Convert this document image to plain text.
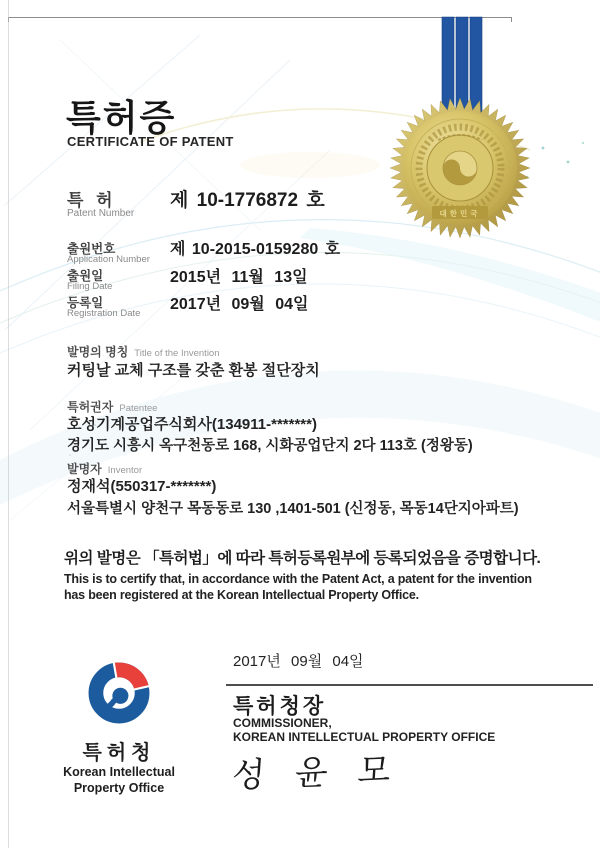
대한민국
특허증
CERTIFICATE OF PATENT
특 허
Patent Number
제 10-1776872 호
출원번호
Application Number
제 10-2015-0159280 호
출원일
Filing Date
2015년 11월 13일
등록일
Registration Date
2017년 09월 04일
발명의 명칭 Title of the Invention
커팅날 교체 구조를 갖춘 환봉 절단장치
특허권자 Patentee
호성기계공업주식회사(134911-*******)
경기도 시흥시 옥구천동로 168, 시화공업단지 2다 113호 (정왕동)
발명자 Inventor
정재석(550317-*******)
서울특별시 양천구 목동동로 130 ,1401-501 (신정동, 목동14단지아파트)
위의 발명은 「특허법」에 따라 특허등록원부에 등록되었음을 증명합니다.
This is to certify that, in accordance with the Patent Act, a patent for the invention
has been registered at the Korean Intellectual Property Office.
2017년 09월 04일
특허청장
COMMISSIONER,
KOREAN INTELLECTUAL PROPERTY OFFICE
성윤모
특허청
Korean Intellectual
Property Office
